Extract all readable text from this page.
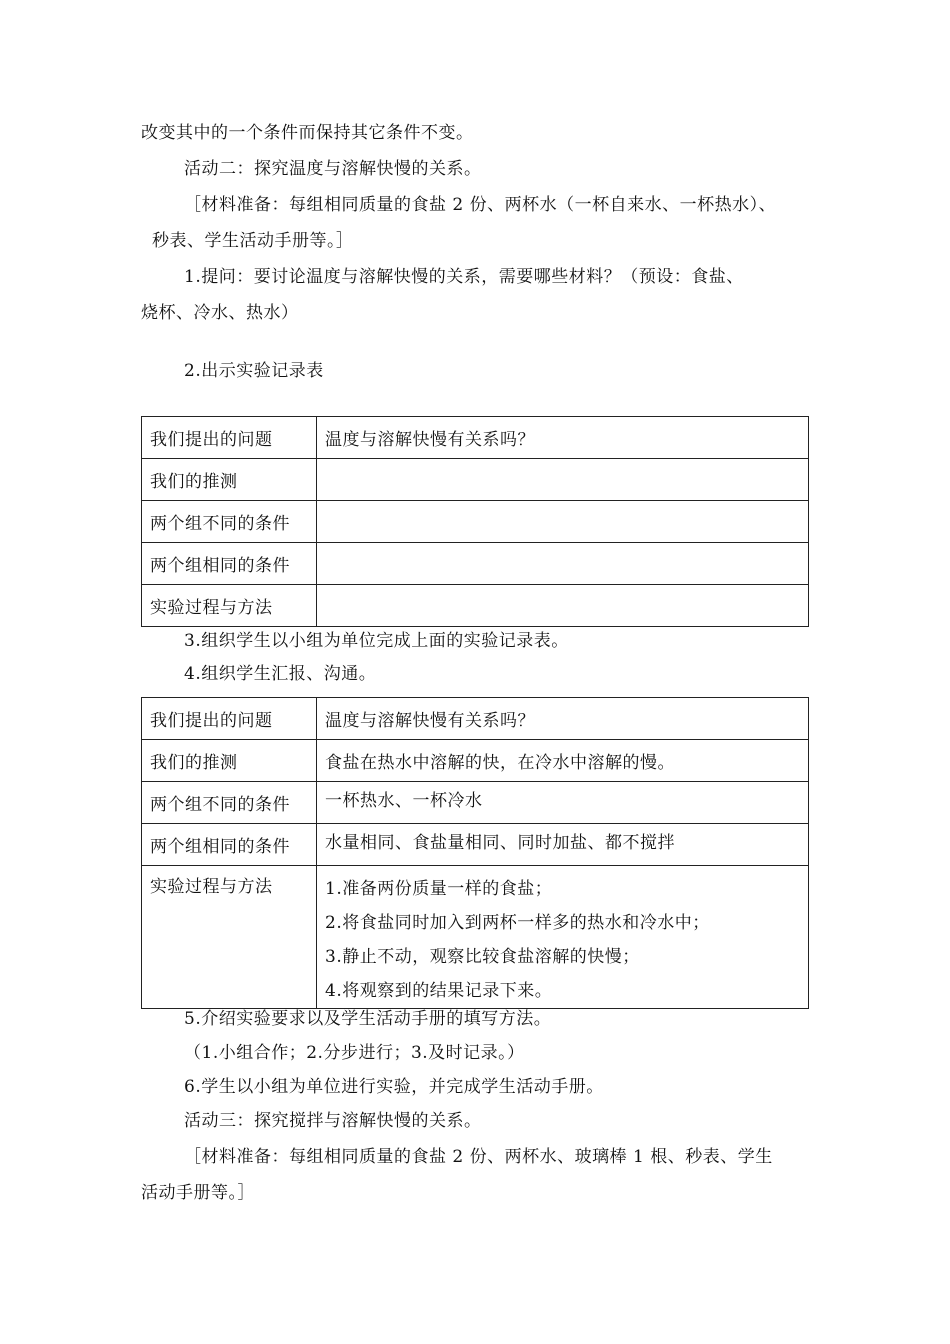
改变其中的一个条件而保持其它条件不变。
活动二：探究温度与溶解快慢的关系。
［材料准备：每组相同质量的食盐 2 份、两杯水（一杯自来水、一杯热水）、
秒表、学生活动手册等。］
1.提问：要讨论温度与溶解快慢的关系，需要哪些材料？（预设：食盐、
烧杯、冷水、热水）
2.出示实验记录表
我们提出的问题	温度与溶解快慢有关系吗？
我们的推测	
两个组不同的条件	
两个组相同的条件	
实验过程与方法	
3.组织学生以小组为单位完成上面的实验记录表。
4.组织学生汇报、沟通。
我们提出的问题	温度与溶解快慢有关系吗？
我们的推测	食盐在热水中溶解的快，在冷水中溶解的慢。
两个组不同的条件	一杯热水、一杯冷水
两个组相同的条件	水量相同、食盐量相同、同时加盐、都不搅拌
实验过程与方法	1.准备两份质量一样的食盐；
2.将食盐同时加入到两杯一样多的热水和冷水中；
3.静止不动，观察比较食盐溶解的快慢；
4.将观察到的结果记录下来。
5.介绍实验要求以及学生活动手册的填写方法。
（1.小组合作；2.分步进行；3.及时记录。）
6.学生以小组为单位进行实验，并完成学生活动手册。
活动三：探究搅拌与溶解快慢的关系。
［材料准备：每组相同质量的食盐 2 份、两杯水、玻璃棒 1 根、秒表、学生
活动手册等。］
